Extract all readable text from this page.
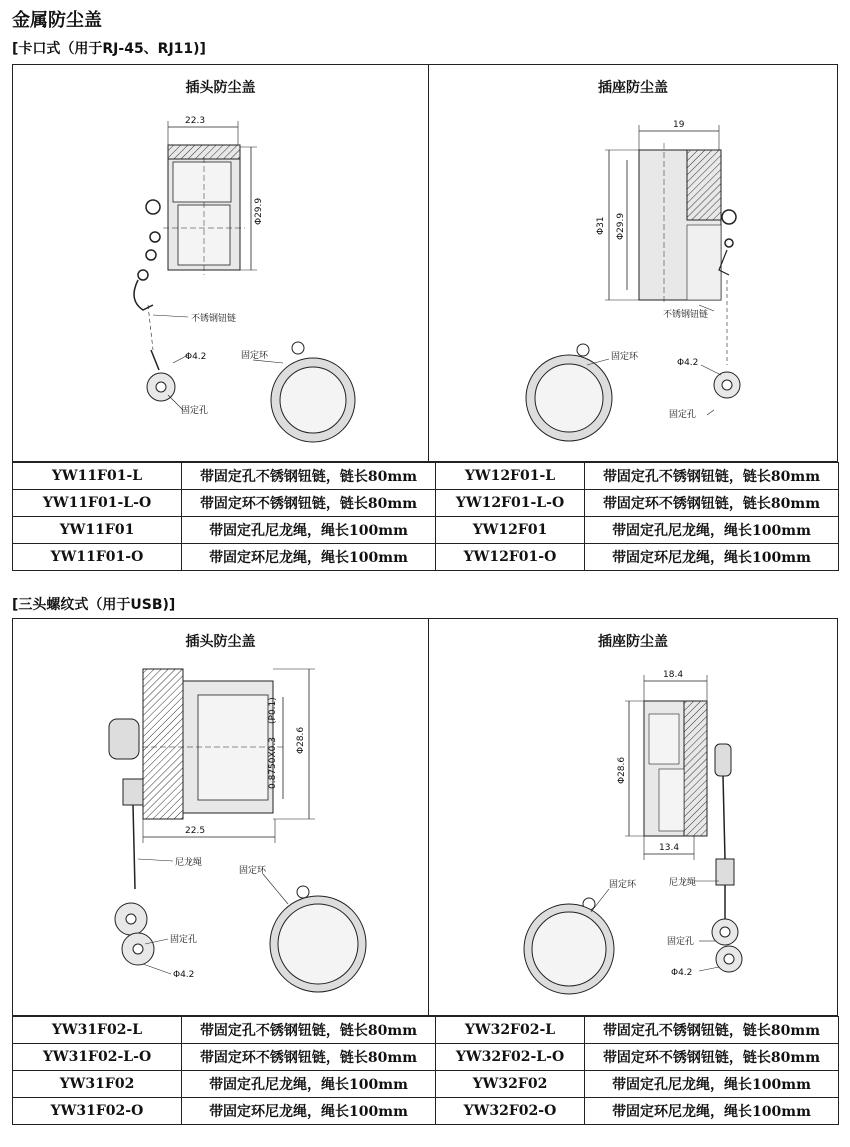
金属防尘盖
[卡口式（用于RJ-45、RJ11)]
插头防尘盖
22.3
Φ29.9
不锈钢钮链
Φ4.2
固定孔
固定环
插座防尘盖
19
Φ31 Φ29.9
不锈钢钮链
固定环
Φ4.2
固定孔
YW11F01-L	带固定孔不锈钢钮链，链长80mm	YW12F01-L	带固定孔不锈钢钮链，链长80mm
YW11F01-L-O	带固定环不锈钢钮链，链长80mm	YW12F01-L-O	带固定环不锈钢钮链，链长80mm
YW11F01	带固定孔尼龙绳，绳长100mm	YW12F01	带固定孔尼龙绳，绳长100mm
YW11F01-O	带固定环尼龙绳，绳长100mm	YW12F01-O	带固定环尼龙绳，绳长100mm
[三头螺纹式（用于USB)]
插头防尘盖
0.8750X0.3
(P0.1)
Φ28.6
22.5
尼龙绳
固定孔
Φ4.2
固定环
插座防尘盖
18.4
Φ28.6
13.4
尼龙绳
固定环
固定孔
Φ4.2
YW31F02-L	带固定孔不锈钢钮链，链长80mm	YW32F02-L	带固定孔不锈钢钮链，链长80mm
YW31F02-L-O	带固定环不锈钢钮链，链长80mm	YW32F02-L-O	带固定环不锈钢钮链，链长80mm
YW31F02	带固定孔尼龙绳，绳长100mm	YW32F02	带固定孔尼龙绳，绳长100mm
YW31F02-O	带固定环尼龙绳，绳长100mm	YW32F02-O	带固定环尼龙绳，绳长100mm
